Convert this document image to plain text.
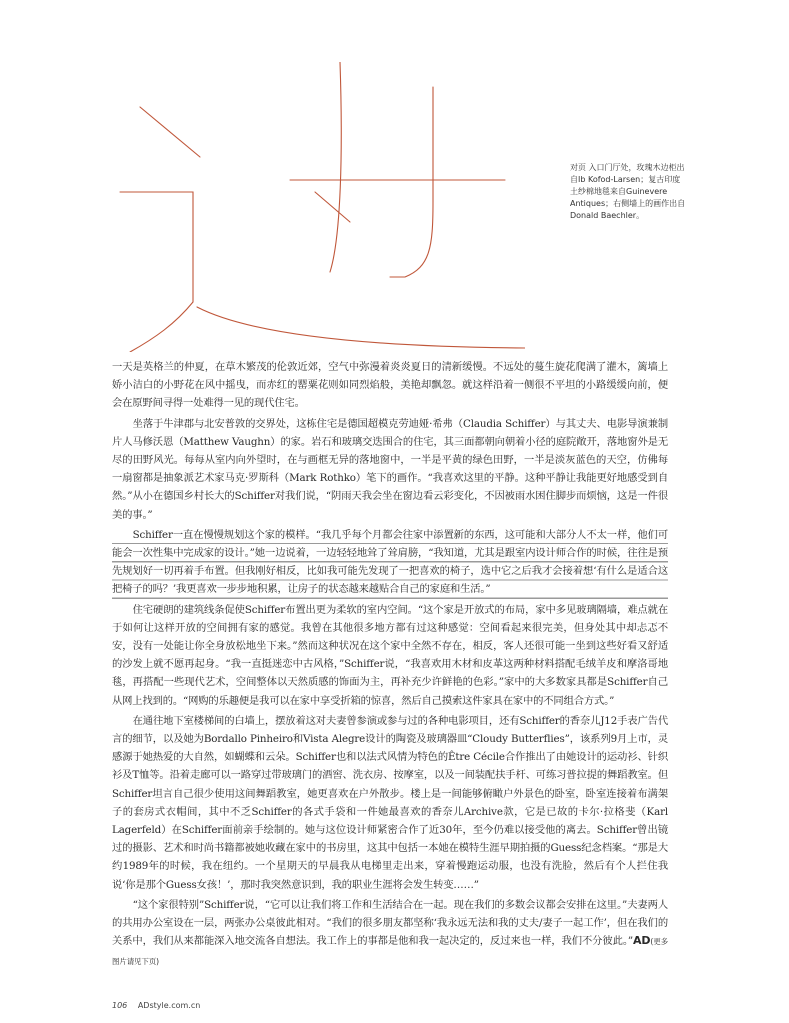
对页 入口门厅处，玫瑰木边柜出自Ib Kofod-Larsen；复古印度土纱棉地毯来自Guinevere Antiques；右侧墙上的画作出自Donald Baechler。

一天是英格兰的仲夏，在草木繁茂的伦敦近郊，空气中弥漫着炎炎夏日的清新缓慢。不远处的蔓生旋花爬满了灌木，篱墙上娇小洁白的小野花在风中摇曳，而赤红的罂粟花则如同烈焰般，美艳却飘忽。就这样沿着一侧很不平坦的小路缓缓向前，便会在原野间寻得一处难得一见的现代住宅。

坐落于牛津郡与北安普敦的交界处，这栋住宅是德国超模克劳迪娅·希弗（Claudia Schiffer）与其丈夫、电影导演兼制片人马修沃恩（Matthew Vaughn）的家。岩石和玻璃交迭围合的住宅，其三面都朝向朝着小径的庭院敞开，落地窗外是无尽的田野风光。每每从室内向外望时，在与画框无异的落地窗中，一半是平黄的绿色田野，一半是淡灰蓝色的天空，仿佛每一扇窗都是抽象派艺术家马克·罗斯科（Mark Rothko）笔下的画作。“我喜欢这里的平静。这种平静让我能更好地感受到自然。”从小在德国乡村长大的Schiffer对我们说，“阴雨天我会坐在窗边看云彩变化，不因被雨水困住脚步而烦恼，这是一件很美的事。”

Schiffer一直在慢慢规划这个家的模样。“我几乎每个月都会往家中添置新的东西，这可能和大部分人不太一样，他们可能会一次性集中完成家的设计。”她一边说着，一边轻轻地耸了耸肩膀，“我知道，尤其是跟室内设计师合作的时候，往往是预先规划好一切再着手布置。但我刚好相反，比如我可能先发现了一把喜欢的椅子，选中它之后我才会接着想‘有什么是适合这把椅子的吗？’我更喜欢一步步地积累，让房子的状态越来越贴合自己的家庭和生活。”

住宅硬朗的建筑线条促使Schiffer布置出更为柔软的室内空间。“这个家是开放式的布局，家中多见玻璃隔墙，难点就在于如何让这样开放的空间拥有家的感觉。我曾在其他很多地方都有过这种感觉：空间看起来很完美，但身处其中却忐忑不安，没有一处能让你全身放松地坐下来。”然而这种状况在这个家中全然不存在，相反，客人还很可能一坐到这些好看又舒适的沙发上就不愿再起身。“我一直挺迷恋中古风格，”Schiffer说，“我喜欢用木材和皮革这两种材料搭配毛绒羊皮和摩洛哥地毯，再搭配一些现代艺术，空间整体以天然质感的饰面为主，再补充少许鲜艳的色彩。”家中的大多数家具都是Schiffer自己从网上找到的。“网购的乐趣便是我可以在家中享受折箱的惊喜，然后自己摸索这件家具在家中的不同组合方式。”

在通往地下室楼梯间的白墙上，摆放着这对夫妻曾参演或参与过的各种电影项目，还有Schiffer的香奈儿J12手表广告代言的细节，以及她为Bordallo Pinheiro和Vista Alegre设计的陶瓷及玻璃器皿“Cloudy Butterflies”，该系列9月上市，灵感源于她热爱的大自然，如蝴蝶和云朵。Schiffer也和以法式风情为特色的Être Cécile合作推出了由她设计的运动衫、针织衫及T恤等。沿着走廊可以一路穿过带玻璃门的酒窖、洗衣房、按摩室，以及一间装配扶手杆、可练习普拉提的舞蹈教室。但Schiffer坦言自己很少使用这间舞蹈教室，她更喜欢在户外散步。楼上是一间能够俯瞰户外景色的卧室，卧室连接着布满架子的套房式衣帽间，其中不乏Schiffer的各式手袋和一件她最喜欢的香奈儿Archive款，它是已故的卡尔·拉格斐（Karl Lagerfeld）在Schiffer面前亲手绘制的。她与这位设计师紧密合作了近30年，至今仍难以接受他的离去。Schiffer曾出镜过的摄影、艺术和时尚书籍都被她收藏在家中的书房里，这其中包括一本她在模特生涯早期拍摄的Guess纪念档案。“那是大约1989年的时候，我在纽约。一个星期天的早晨我从电梯里走出来，穿着慢跑运动服，也没有洗脸，然后有个人拦住我说‘你是那个Guess女孩！’，那时我突然意识到，我的职业生涯将会发生转变……”

“这个家很特别”Schiffer说，“它可以让我们将工作和生活结合在一起。现在我们的多数会议都会安排在这里。”夫妻两人的共用办公室设在一层，两张办公桌彼此相对。“我们的很多朋友都坚称‘我永远无法和我的丈夫/妻子一起工作’，但在我们的关系中，我们从来都能深入地交流各自想法。我工作上的事都是他和我一起决定的，反过来也一样，我们不分彼此。”AD(更多图片请见下页)

106 ADstyle.com.cn
